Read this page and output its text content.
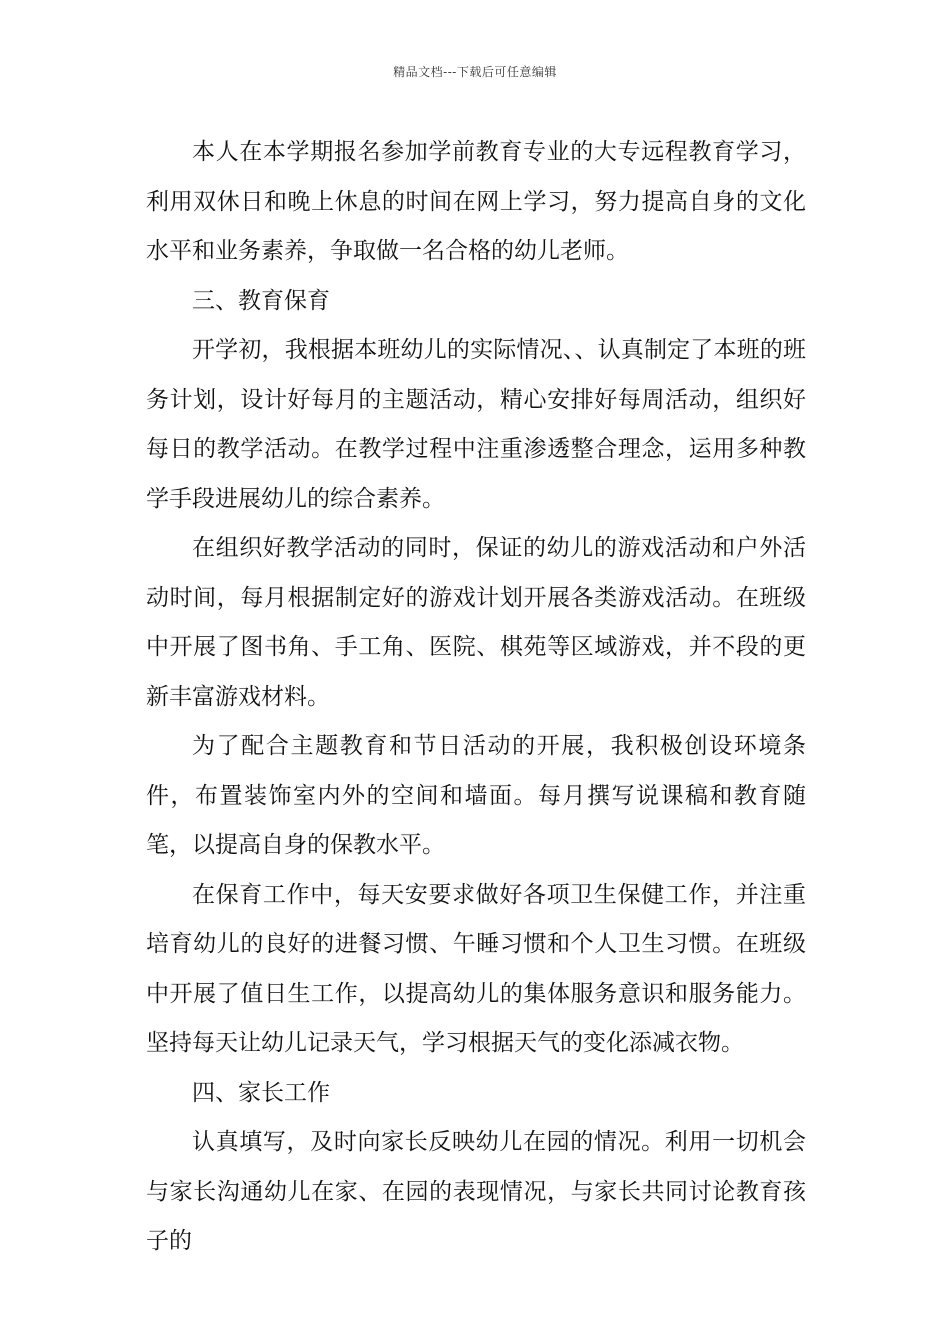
精品文档---下载后可任意编辑

本人在本学期报名参加学前教育专业的大专远程教育学习，利用双休日和晚上休息的时间在网上学习，努力提高自身的文化水平和业务素养，争取做一名合格的幼儿老师。

三、教育保育

开学初，我根据本班幼儿的实际情况、、认真制定了本班的班务计划，设计好每月的主题活动，精心安排好每周活动，组织好每日的教学活动。在教学过程中注重渗透整合理念，运用多种教学手段进展幼儿的综合素养。

在组织好教学活动的同时，保证的幼儿的游戏活动和户外活动时间，每月根据制定好的游戏计划开展各类游戏活动。在班级中开展了图书角、手工角、医院、棋苑等区域游戏，并不段的更新丰富游戏材料。

为了配合主题教育和节日活动的开展，我积极创设环境条件，布置装饰室内外的空间和墙面。每月撰写说课稿和教育随笔，以提高自身的保教水平。

在保育工作中，每天安要求做好各项卫生保健工作，并注重培育幼儿的良好的进餐习惯、午睡习惯和个人卫生习惯。在班级中开展了值日生工作，以提高幼儿的集体服务意识和服务能力。坚持每天让幼儿记录天气，学习根据天气的变化添减衣物。

四、家长工作

认真填写，及时向家长反映幼儿在园的情况。利用一切机会与家长沟通幼儿在家、在园的表现情况，与家长共同讨论教育孩子的
